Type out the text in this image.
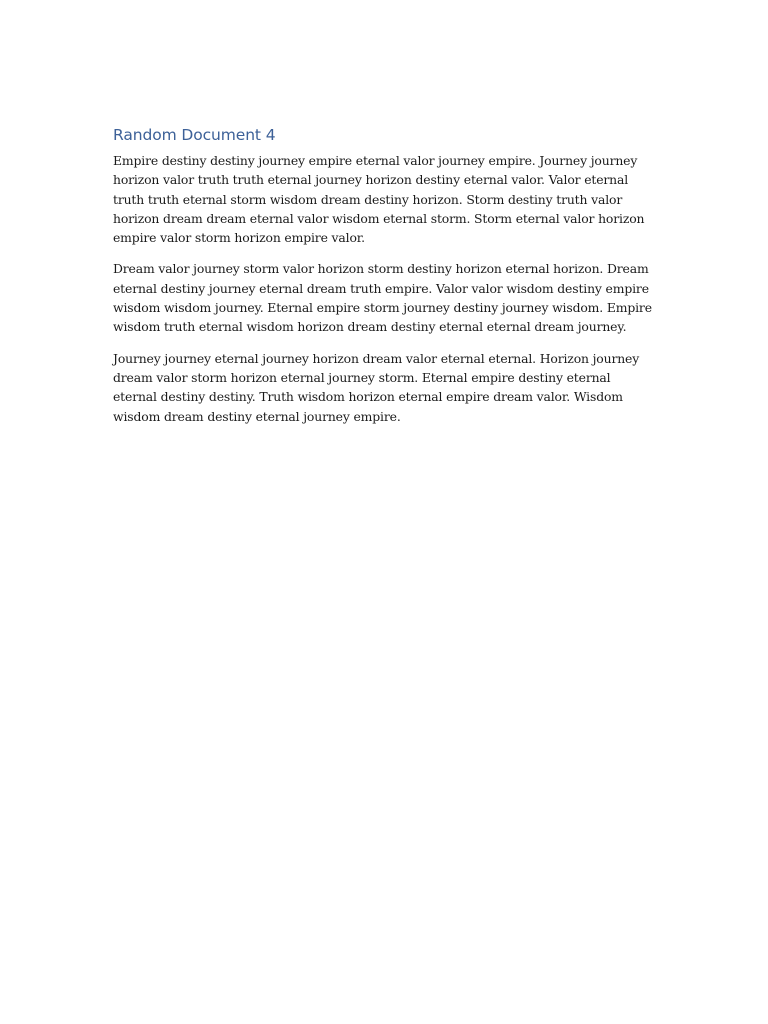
Random Document 4

Empire destiny destiny journey empire eternal valor journey empire. Journey journey horizon valor truth truth eternal journey horizon destiny eternal valor. Valor eternal truth truth eternal storm wisdom dream destiny horizon. Storm destiny truth valor horizon dream dream eternal valor wisdom eternal storm. Storm eternal valor horizon empire valor storm horizon empire valor.

Dream valor journey storm valor horizon storm destiny horizon eternal horizon. Dream eternal destiny journey eternal dream truth empire. Valor valor wisdom destiny empire wisdom wisdom journey. Eternal empire storm journey destiny journey wisdom. Empire wisdom truth eternal wisdom horizon dream destiny eternal eternal dream journey.

Journey journey eternal journey horizon dream valor eternal eternal. Horizon journey dream valor storm horizon eternal journey storm. Eternal empire destiny eternal eternal destiny destiny. Truth wisdom horizon eternal empire dream valor. Wisdom wisdom dream destiny eternal journey empire.
